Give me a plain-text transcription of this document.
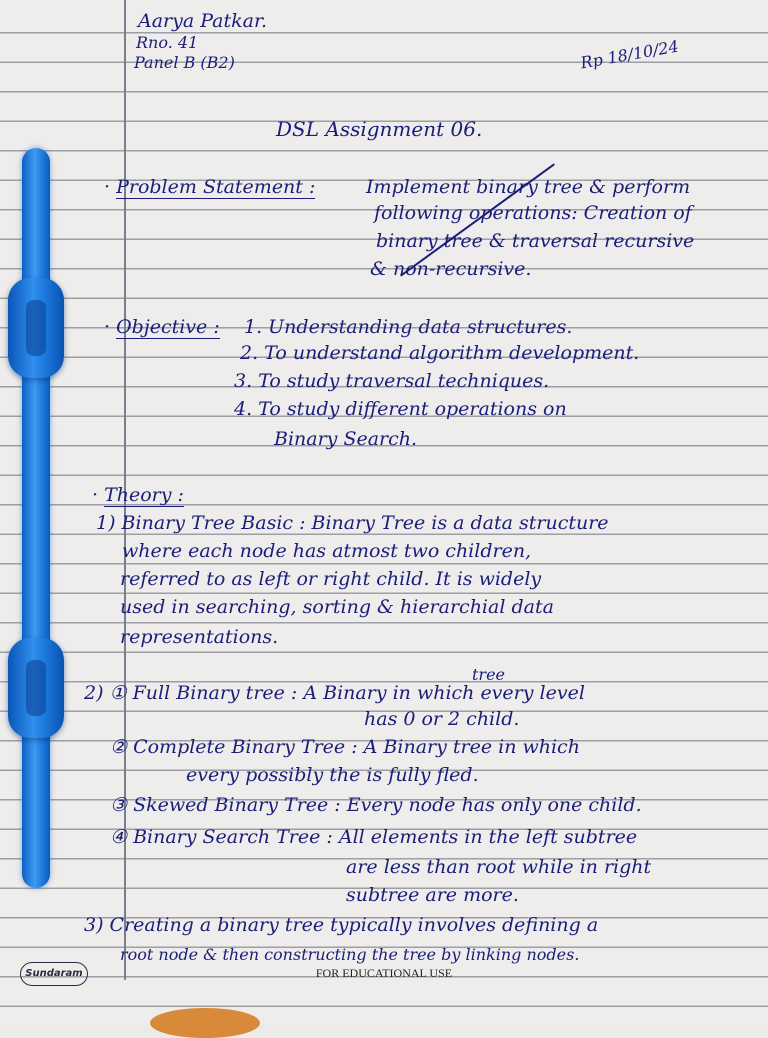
Aarya Patkar.
Rno. 41
Panel B (B2)	Rp 18/10/24
DSL Assignment 06.
· Problem Statement :	Implement binary tree & perform
following operations: Creation of
binary tree & traversal recursive
& non-recursive.
· Objective : 1. Understanding data structures.
2. To understand algorithm development.
3. To study traversal techniques.
4. To study different operations on
Binary Search.
· Theory :
1) Binary Tree Basic : Binary Tree is a data structure
where each node has atmost two children,
referred to as left or right child. It is widely
used in searching, sorting & hierarchial data
representations.
tree
2) ① Full Binary tree : A Binary in which every level
has 0 or 2 child.
② Complete Binary Tree : A Binary tree in which
every possibly the is fully fled.
③ Skewed Binary Tree : Every node has only one child.
④ Binary Search Tree : All elements in the left subtree
are less than root while in right
subtree are more.
3) Creating a binary tree typically involves defining a
root node & then constructing the tree by linking nodes.
Sundaram	FOR EDUCATIONAL USE
